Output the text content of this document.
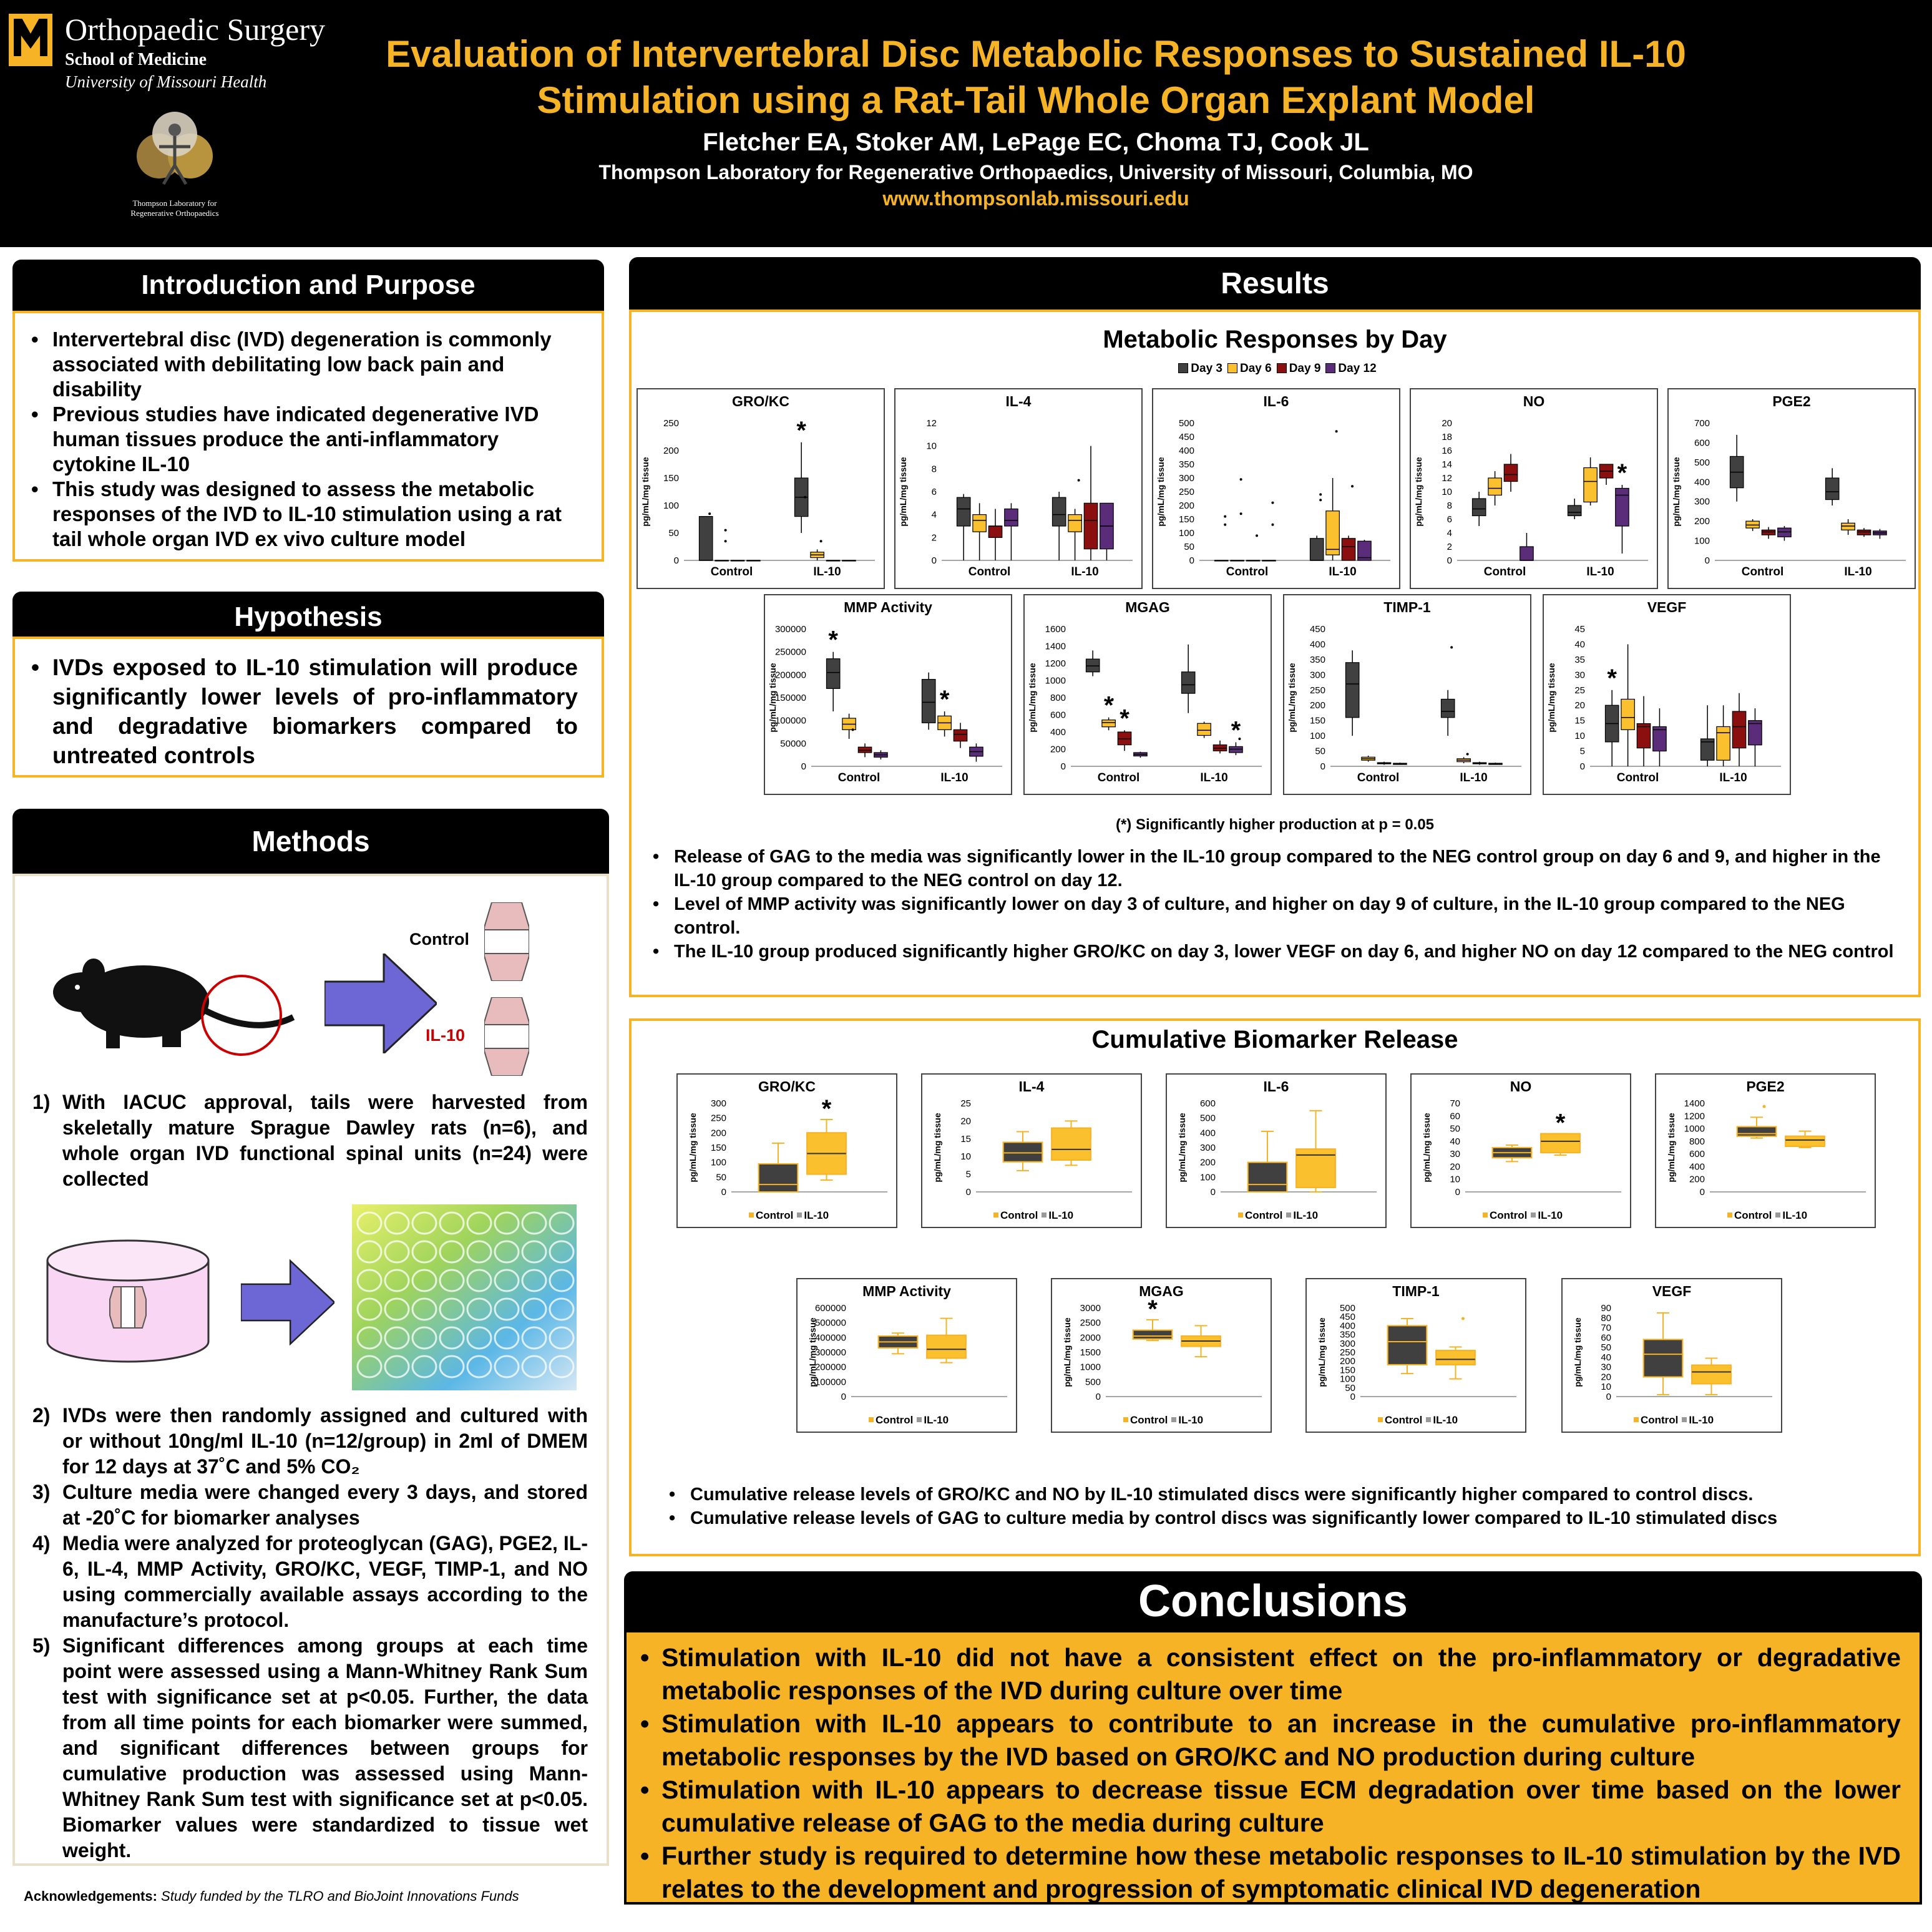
Orthopaedic Surgery
School of Medicine
University of Missouri Health
Thompson Laboratory for
Regenerative Orthopaedics
Evaluation of Intervertebral Disc Metabolic Responses to Sustained IL-10
Stimulation using a Rat-Tail Whole Organ Explant Model
Fletcher EA, Stoker AM, LePage EC, Choma TJ, Cook JL
Thompson Laboratory for Regenerative Orthopaedics, University of Missouri, Columbia, MO
www.thompsonlab.missouri.edu
Introduction and Purpose
• Intervertebral disc (IVD) degeneration is commonly associated with debilitating low back pain and disability
• Previous studies have indicated degenerative IVD human tissues produce the anti-inflammatory cytokine IL-10
• This study was designed to assess the metabolic responses of the IVD to IL-10 stimulation using a rat tail whole organ IVD ex vivo culture model
Hypothesis
• IVDs exposed to IL-10 stimulation will produce significantly lower levels of pro-inflammatory and degradative biomarkers compared to untreated controls
Methods
Control
IL-10
1) With IACUC approval, tails were harvested from skeletally mature Sprague Dawley rats (n=6), and whole organ IVD functional spinal units (n=24) were collected
2) IVDs were then randomly assigned and cultured with or without 10ng/ml IL-10 (n=12/group) in 2ml of DMEM for 12 days at 37˚C and 5% CO₂
3) Culture media were changed every 3 days, and stored at -20˚C for biomarker analyses
4) Media were analyzed for proteoglycan (GAG), PGE2, IL-6, IL-4, MMP Activity, GRO/KC, VEGF, TIMP-1, and NO using commercially available assays according to the manufacture’s protocol.
5) Significant differences among groups at each time point were assessed using a Mann-Whitney Rank Sum test with significance set at p<0.05. Further, the data from all time points for each biomarker were summed, and significant differences between groups for cumulative production was assessed using Mann-Whitney Rank Sum test with significance set at p<0.05. Biomarker values were standardized to tissue wet weight.
Acknowledgements: Study funded by the TLRO and BioJoint Innovations Funds
Results
Metabolic Responses by Day
Day 3 Day 6 Day 9 Day 12
GRO/KC
0
50
100
150
200
250
Control	IL-10
*
pg/mL/mg tissue
IL-4
0
2
4
6
8
10
12
Control	IL-10
pg/mL/mg tissue
IL-6
0
50
100
150
200
250
300
350
400
450
500
Control	IL-10
pg/mL/mg tissue
NO
0
2
4
6
8
10
12
14
16
18
20
Control	IL-10
*
pg/mL/mg tissue
PGE2
0
100
200
300
400
500
600
700
Control	IL-10
pg/mL/mg tissue
MMP Activity
0
50000
100000
150000
200000
250000
300000
Control	IL-10
*
*
pg/mL/mg tissue
MGAG
0
200
400
600
800
1000
1200
1400
1600
Control	IL-10
* *	*
pg/mL/mg tissue
TIMP-1
0
50
100
150
200
250
300
350
400
450
Control	IL-10
pg/mL/mg tissue
VEGF
0
5
10
15
20
25
30
35
40
45
Control	IL-10
*
pg/mL/mg tissue
(*) Significantly higher production at p = 0.05
• Release of GAG to the media was significantly lower in the IL-10 group compared to the NEG control group on day 6 and 9, and higher in the IL-10 group compared to the NEG control on day 12.
• Level of MMP activity was significantly lower on day 3 of culture, and higher on day 9 of culture, in the IL-10 group compared to the NEG control.
• The IL-10 group produced significantly higher GRO/KC on day 3, lower VEGF on day 6, and higher NO on day 12 compared to the NEG control
Cumulative Biomarker Release
GRO/KC
0
50
100
150
200
250
300	*
pg/mL/mg tissue
Control IL-10
IL-4
0
5
10
15
20
25
pg/mL/mg tissue
Control IL-10
IL-6
0
100
200
300
400
500
600
pg/mL/mg tissue
Control IL-10
NO
0
10
20
30
40
50
60
70
*
pg/mL/mg tissue
Control IL-10
PGE2
0
200
400
600
800
1000
1200
1400
pg/mL/mg tissue
Control IL-10
MMP Activity
0
100000
200000
300000
400000
500000
600000
pg/mL/mg tissue
Control IL-10
MGAG
0
500
1000
1500
2000
2500
3000 *
pg/mL/mg tissue
Control IL-10
TIMP-1
0
50
100
150
200
250
300
350
400
450
500
pg/mL/mg tissue
Control IL-10
VEGF
0
10
20
30
40
50
60
70
80
90
pg/mL/mg tissue
Control IL-10
• Cumulative release levels of GRO/KC and NO by IL-10 stimulated discs were significantly higher compared to control discs.
• Cumulative release levels of GAG to culture media by control discs was significantly lower compared to IL-10 stimulated discs
Conclusions
• Stimulation with IL-10 did not have a consistent effect on the pro-inflammatory or degradative metabolic responses of the IVD during culture over time
• Stimulation with IL-10 appears to contribute to an increase in the cumulative pro-inflammatory metabolic responses by the IVD based on GRO/KC and NO production during culture
• Stimulation with IL-10 appears to decrease tissue ECM degradation over time based on the lower cumulative release of GAG to the media during culture
• Further study is required to determine how these metabolic responses to IL-10 stimulation by the IVD relates to the development and progression of symptomatic clinical IVD degeneration
